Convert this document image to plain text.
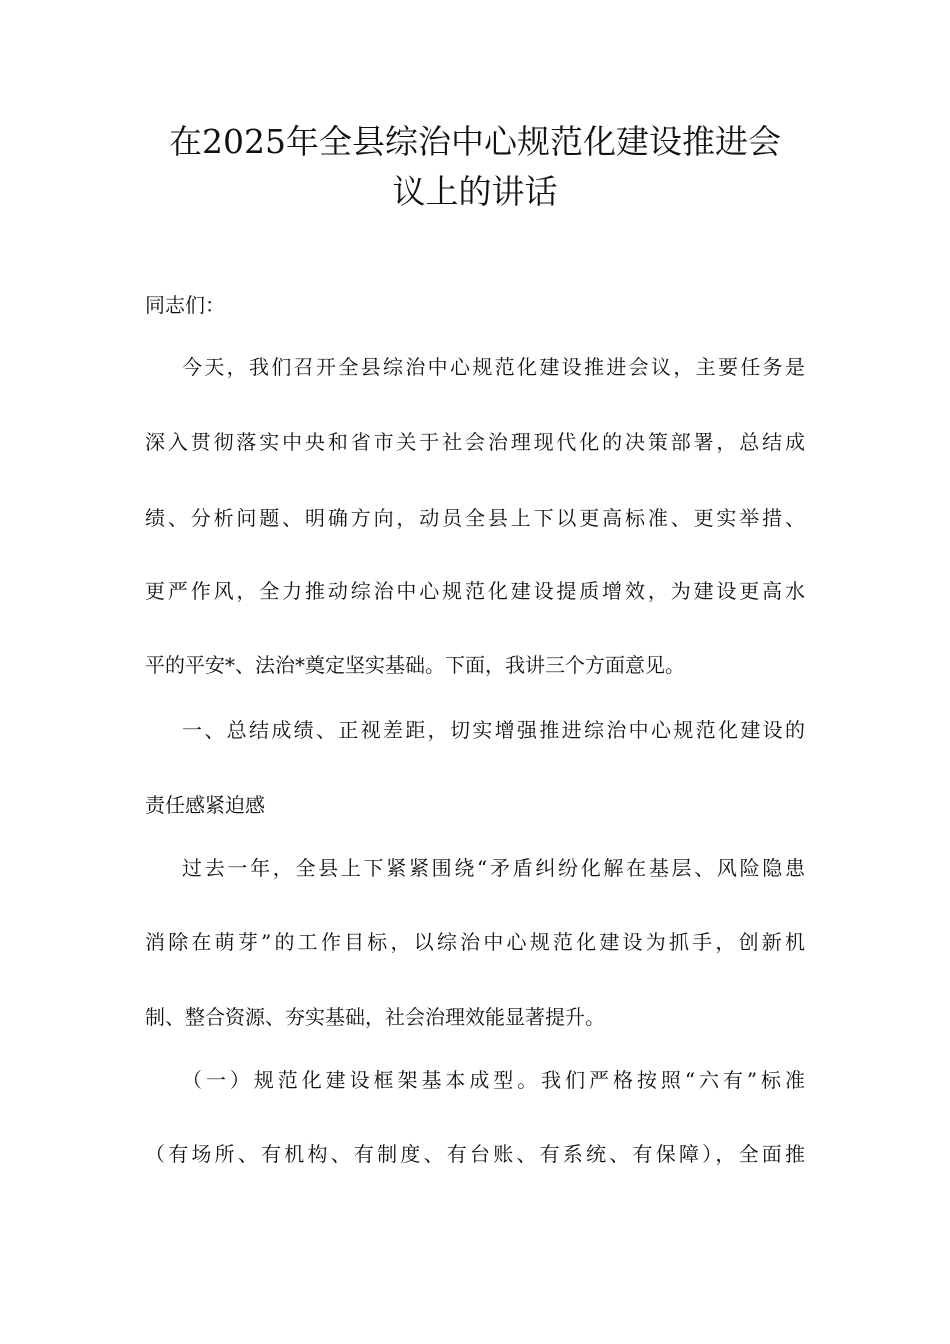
在2025年全县综治中心规范化建设推进会
议上的讲话
同志们：
今天，我们召开全县综治中心规范化建设推进会议，主要任务是
深入贯彻落实中央和省市关于社会治理现代化的决策部署，总结成
绩、分析问题、明确方向，动员全县上下以更高标准、更实举措、
更严作风，全力推动综治中心规范化建设提质增效，为建设更高水
平的平安*、法治*奠定坚实基础。下面，我讲三个方面意见。
一、总结成绩、正视差距，切实增强推进综治中心规范化建设的
责任感紧迫感
过去一年，全县上下紧紧围绕“矛盾纠纷化解在基层、风险隐患
消除在萌芽”的工作目标，以综治中心规范化建设为抓手，创新机
制、整合资源、夯实基础，社会治理效能显著提升。
（一）规范化建设框架基本成型。我们严格按照“六有”标准
（有场所、有机构、有制度、有台账、有系统、有保障），全面推
